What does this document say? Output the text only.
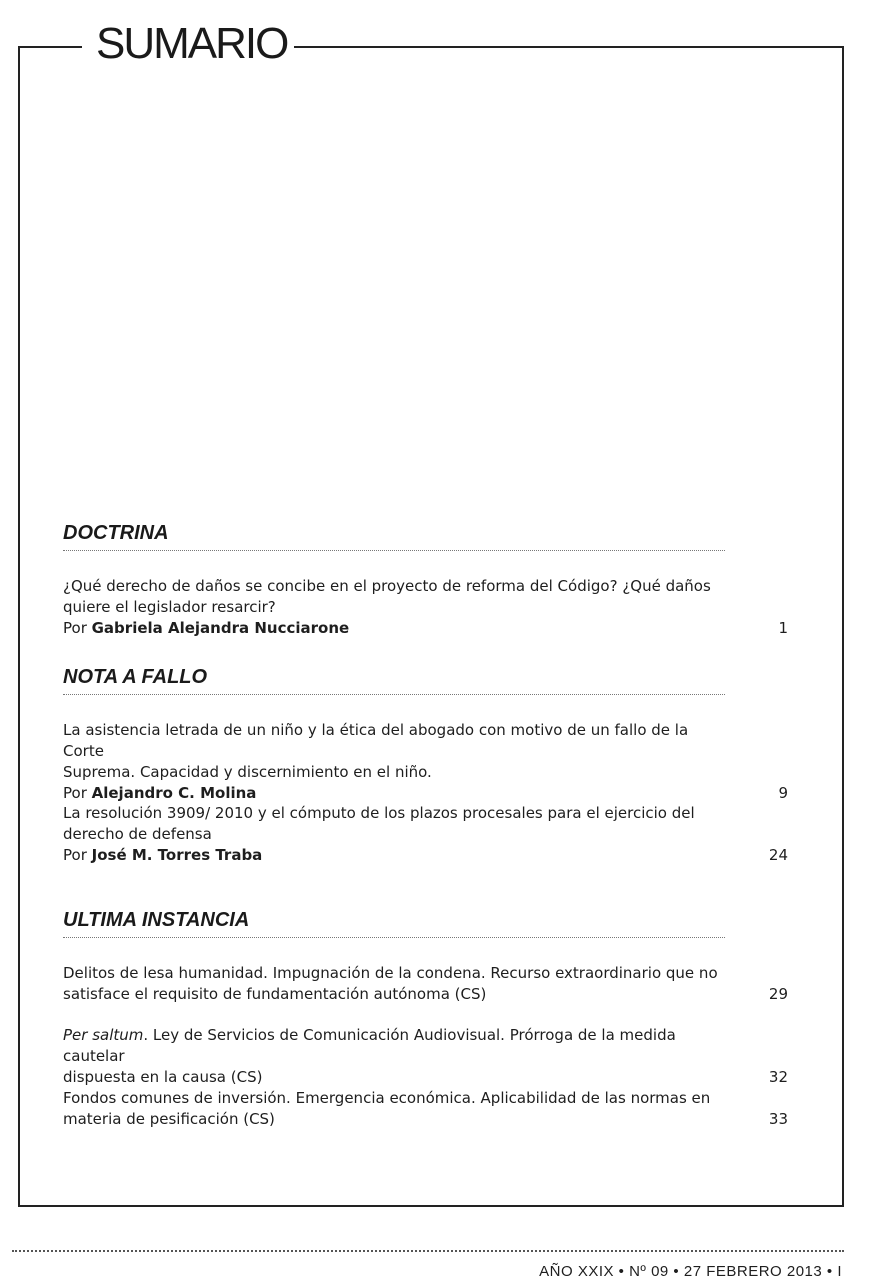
SUMARIO
DOCTRINA
¿Qué derecho de daños se concibe en el proyecto de reforma del Código? ¿Qué daños
quiere el legislador resarcir?
Por Gabriela Alejandra Nucciarone	1
NOTA A FALLO
La asistencia letrada de un niño y la ética del abogado con motivo de un fallo de la Corte
Suprema. Capacidad y discernimiento en el niño.
Por Alejandro C. Molina	9
La resolución 3909/ 2010 y el cómputo de los plazos procesales para el ejercicio del
derecho de defensa
Por José M. Torres Traba	24
ULTIMA INSTANCIA
Delitos de lesa humanidad. Impugnación de la condena. Recurso extraordinario que no
satisface el requisito de fundamentación autónoma (CS)	29
Per saltum. Ley de Servicios de Comunicación Audiovisual. Prórroga de la medida cautelar
dispuesta en la causa (CS)	32
Fondos comunes de inversión. Emergencia económica. Aplicabilidad de las normas en
materia de pesificación (CS)	33
AÑO XXIX • Nº 09 • 27 FEBRERO 2013 • I
